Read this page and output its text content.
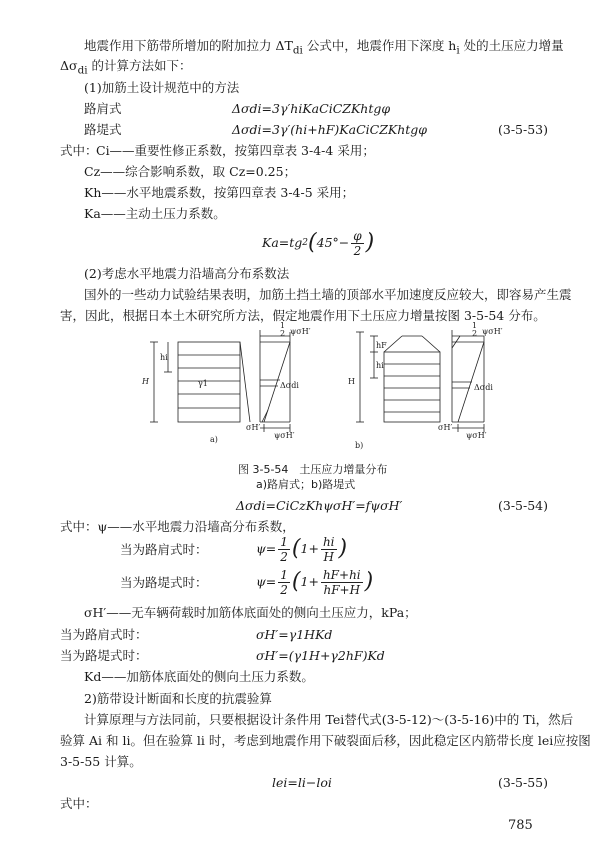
地震作用下筋带所增加的附加拉力 $\Delta T_{di}$ 公式中，地震作用下深度 $h_i$ 处的土压应力增量
$\Delta\sigma_{di}$ 的计算方法如下：
(1)加筋土设计规范中的方法
路肩式	Δσdi=3γ′hiKaCiCZKhtgφ
路堤式	Δσdi=3γ′(hi+hF)KaCiCZKhtgφ	(3-5-53)
式中：
Ci——重要性修正系数，按第四章表 3-4-4 采用；
Cz——综合影响系数，取 Cz=0.25；
Kh——水平地震系数，按第四章表 3-4-5 采用；
Ka——主动土压力系数。
Ka=tg 2 ( $45^\circ- \frac{\varphi}{2}$ )
(2)考虑水平地震力沿墙高分布系数法
国外的一些动力试验结果表明，加筋土挡土墙的顶部水平加速度反应较大，即容易产生震
害，因此，根据日本土木研究所方法，假定地震作用下土压应力增量按图 3-5-54 分布。
H
hi
γ1
1
2 ψσH′
Δσdi
σH′
ψσH′
a)
H
hF
hi
1
2 ψσH′
Δσdi
σH′
ψσH′
b)
图 3-5-54　土压应力增量分布
a)路肩式；b)路堤式
Δσdi=CiCzKhψσH′=fψσH′	(3-5-54)
式中：ψ——水平地震力沿墙高分布系数，
当为路肩式时：	$\psi= \frac{1}{2}$ ( $1+ \frac{hi}{H}$ )
当为路堤式时：	$\psi= \frac{1}{2}$ ( $1+ \frac{hF+hi}{hF+H}$ )
σH′——无车辆荷载时加筋体底面处的侧向土压应力，kPa；
当为路肩式时：	σH′=γ1HKd
当为路堤式时：	σH′=(γ1H+γ2hF)Kd
Kd——加筋体底面处的侧向土压力系数。
2)筋带设计断面和长度的抗震验算
计算原理与方法同前，只要根据设计条件用 Tei替代式(3-5-12)～(3-5-16)中的 Ti，然后
验算 Ai 和 li。但在验算 li 时，考虑到地震作用下破裂面后移，因此稳定区内筋带长度 lei应按图
3-5-55 计算。
lei=li−loi	(3-5-55)
式中：
785
